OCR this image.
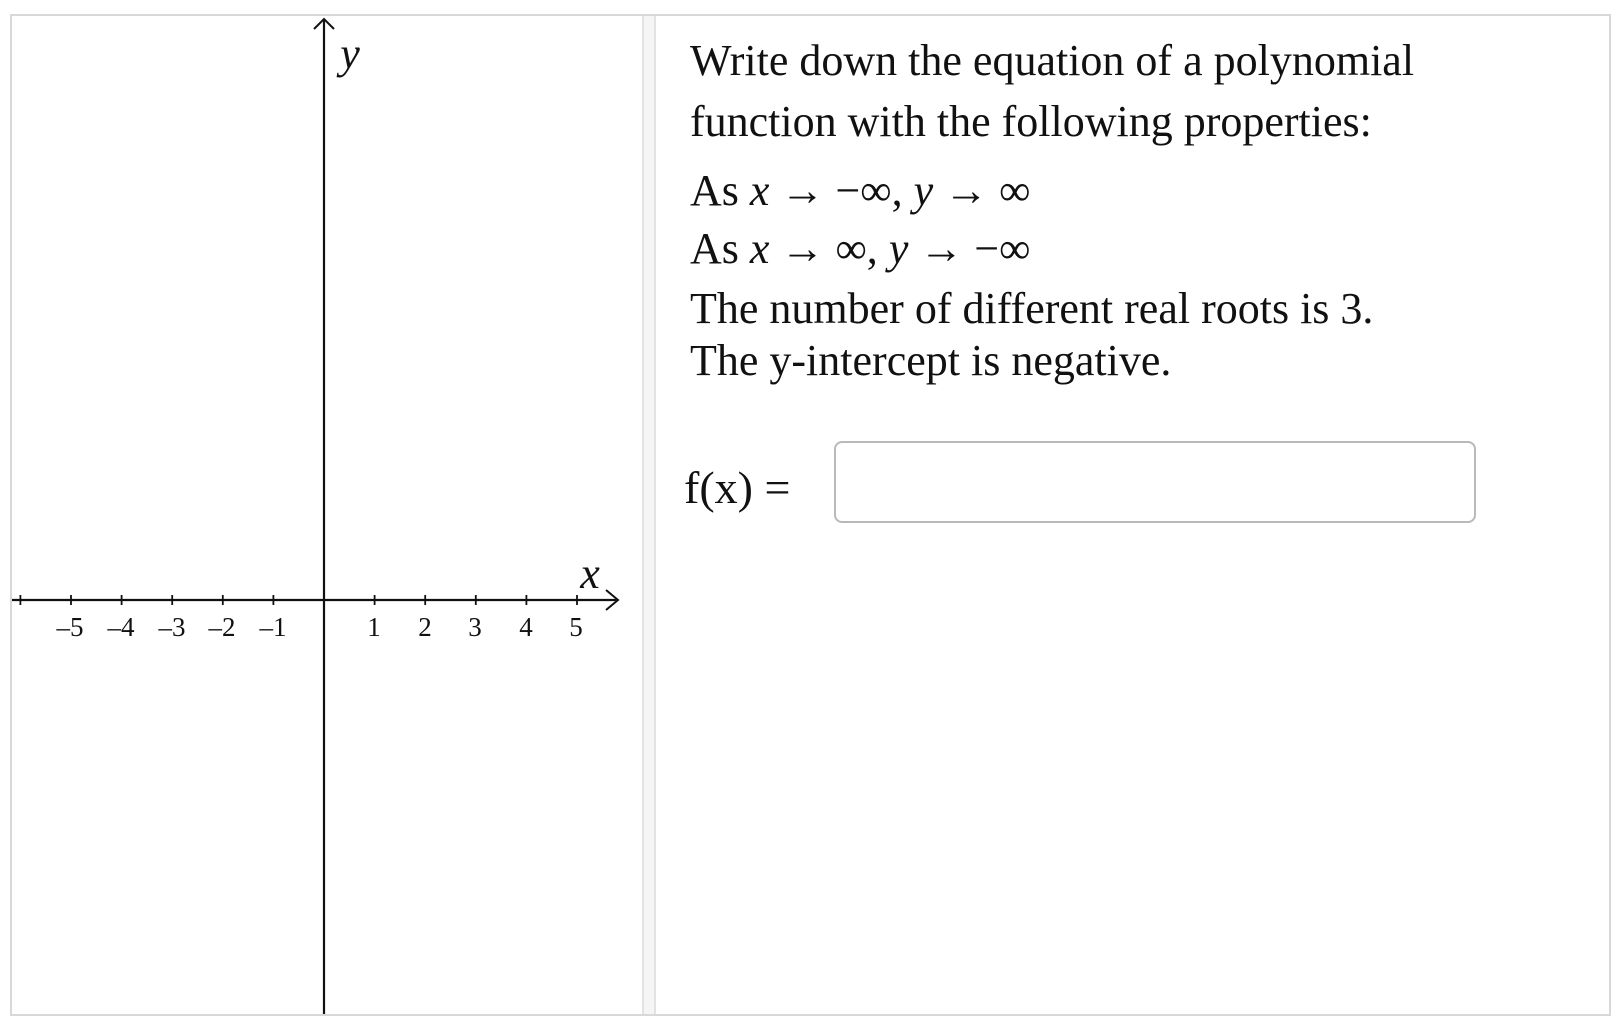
–5 –4 –3 –2 –1	1 2 3 4 5
x
y	Write down the equation of a polynomial function with the following properties:

As x → −∞, y → ∞
As x → ∞, y → −∞
The number of different real roots is 3.
The y-intercept is negative.
f(x) =
